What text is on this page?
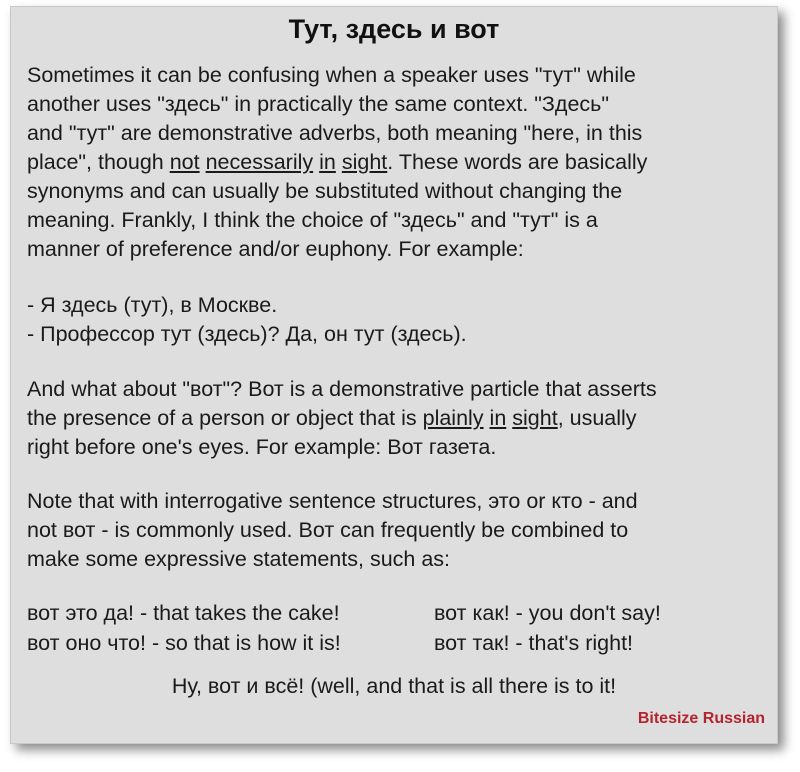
Тут, здесь и вот
Sometimes it can be confusing when a speaker uses "тут" while
another uses "здесь" in practically the same context. "Здесь"
and "тут" are demonstrative adverbs, both meaning "here, in this
place", though not necessarily in sight. These words are basically
synonyms and can usually be substituted without changing the
meaning. Frankly, I think the choice of "здесь" and "тут" is a
manner of preference and/or euphony. For example:
- Я здесь (тут), в Москве.
- Профессор тут (здесь)? Да, он тут (здесь).
And what about "вот"? Вот is a demonstrative particle that asserts
the presence of a person or object that is plainly in sight, usually
right before one's eyes. For example: Вот газета.
Note that with interrogative sentence structures, это or кто - and
not вот - is commonly used. Вот can frequently be combined to
make some expressive statements, such as:
вот это да! - that takes the cake!	вот как! - you don't say!
вот оно что! - so that is how it is!	вот так! - that's right!
Ну, вот и всё! (well, and that is all there is to it!
Bitesize Russian
